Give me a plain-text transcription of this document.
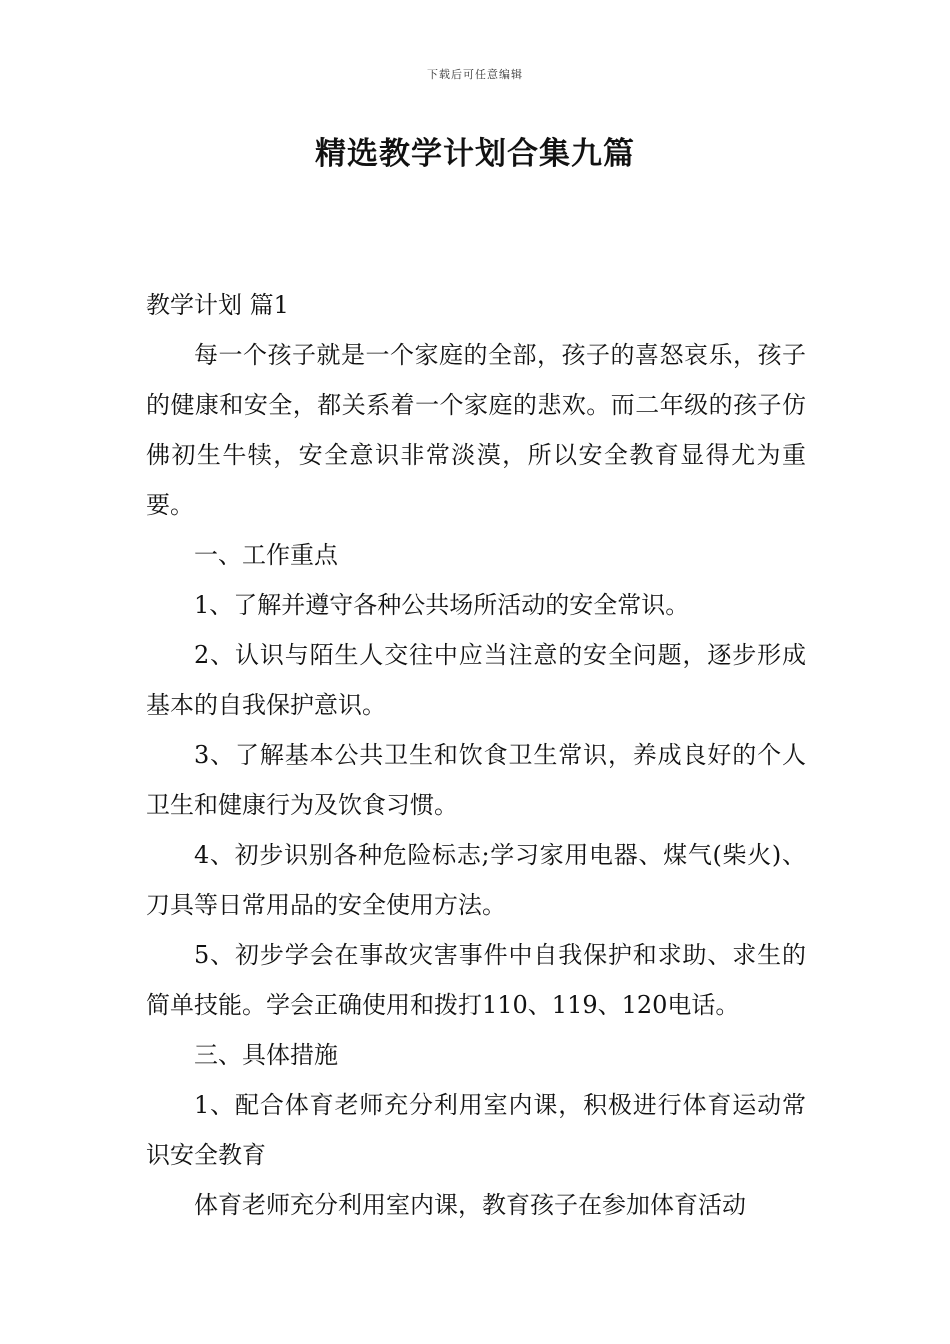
下载后可任意编辑
精选教学计划合集九篇

教学计划 篇1

每一个孩子就是一个家庭的全部，孩子的喜怒哀乐，孩子的健康和安全，都关系着一个家庭的悲欢。而二年级的孩子仿佛初生牛犊，安全意识非常淡漠，所以安全教育显得尤为重要。

一、工作重点

1、了解并遵守各种公共场所活动的安全常识。

2、认识与陌生人交往中应当注意的安全问题，逐步形成基本的自我保护意识。

3、了解基本公共卫生和饮食卫生常识，养成良好的个人卫生和健康行为及饮食习惯。

4、初步识别各种危险标志;学习家用电器、煤气(柴火)、刀具等日常用品的安全使用方法。

5、初步学会在事故灾害事件中自我保护和求助、求生的简单技能。学会正确使用和拨打110、119、120电话。

三、具体措施

1、配合体育老师充分利用室内课，积极进行体育运动常识安全教育

体育老师充分利用室内课，教育孩子在参加体育活动
